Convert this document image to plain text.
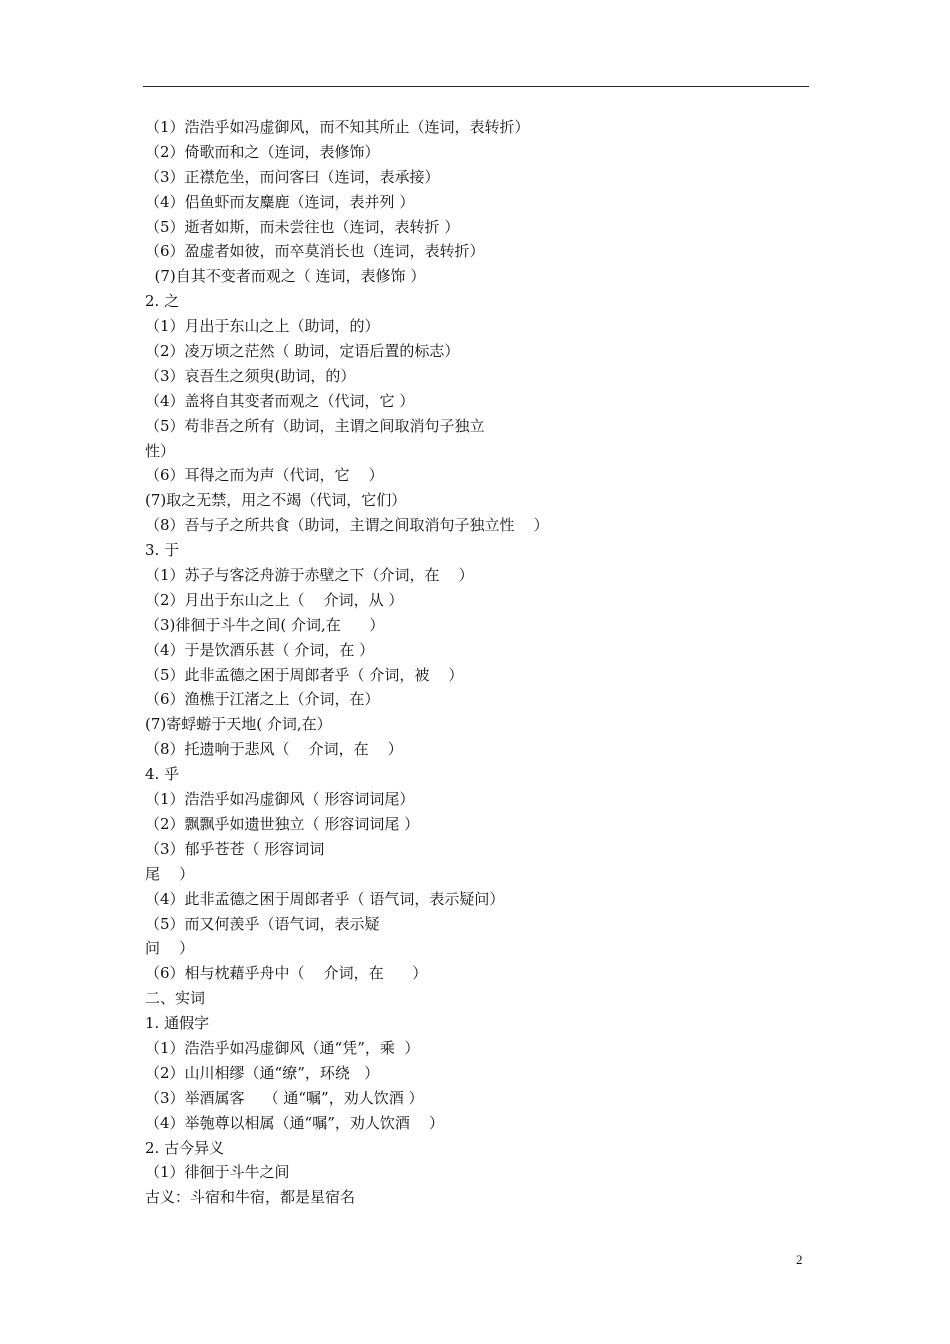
（1）浩浩乎如冯虚御风，而不知其所止（连词，表转折）
（2）倚歌而和之（连词，表修饰）
（3）正襟危坐，而问客曰（连词，表承接）
（4）侣鱼虾而友麋鹿（连词，表并列 ）
（5）逝者如斯，而未尝往也（连词，表转折 ）
（6）盈虚者如彼，而卒莫消长也（连词，表转折）
(7)自其不变者而观之（ 连词，表修饰 ）
2. 之
（1）月出于东山之上（助词，的）
（2）凌万顷之茫然（ 助词，定语后置的标志）
（3）哀吾生之须臾(助词，的）
（4）盖将自其变者而观之（代词，它 ）
（5）苟非吾之所有（助词，主谓之间取消句子独立
性）
（6）耳得之而为声（代词，它    ）
(7)取之无禁，用之不竭（代词，它们）
（8）吾与子之所共食（助词，主谓之间取消句子独立性    ）
3. 于
（1）苏子与客泛舟游于赤壁之下（介词，在    ）
（2）月出于东山之上（    介词，从 ）
（3)徘徊于斗牛之间( 介词,在      ）
（4）于是饮酒乐甚（ 介词，在 ）
（5）此非孟德之困于周郎者乎（ 介词，被    ）
（6）渔樵于江渚之上（介词，在）
(7)寄蜉蝣于天地( 介词,在）
（8）托遗响于悲风（    介词，在    ）
4. 乎
（1）浩浩乎如冯虚御风（ 形容词词尾）
（2）飘飘乎如遗世独立（ 形容词词尾 ）
（3）郁乎苍苍（ 形容词词
尾    ）
（4）此非孟德之困于周郎者乎（ 语气词，表示疑问）
（5）而又何羡乎（语气词，表示疑
问    ）
（6）相与枕藉乎舟中（    介词，在      ）
二、实词
1. 通假字
（1）浩浩乎如冯虚御风（通“凭”，乘  ）
（2）山川相缪（通“缭”，环绕   ）
（3）举酒属客    （ 通“嘱”，劝人饮酒 ）
（4）举匏尊以相属（通“嘱”，劝人饮酒    ）
2. 古今异义
（1）徘徊于斗牛之间
古义：斗宿和牛宿，都是星宿名
2
